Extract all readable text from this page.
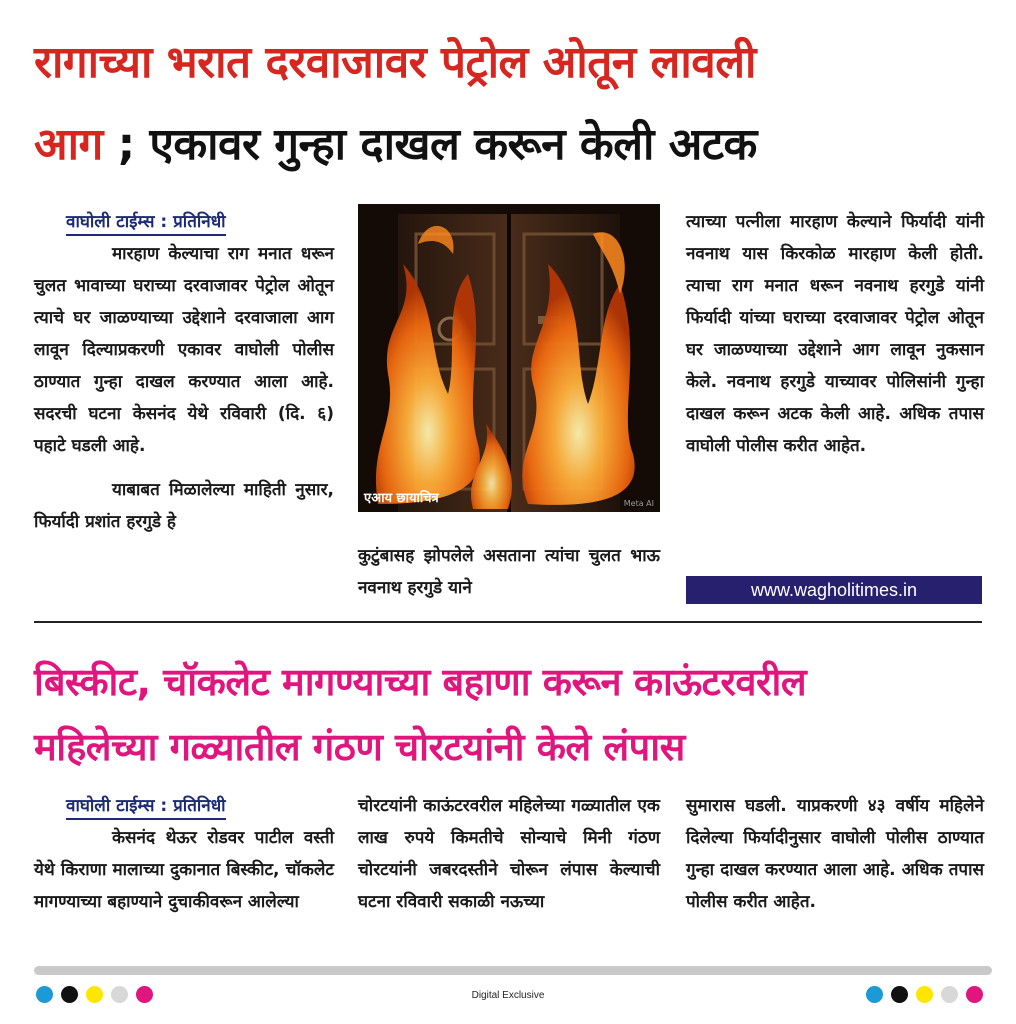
रागाच्या भरात दरवाजावर पेट्रोल ओतून लावली
आग ; एकावर गुन्हा दाखल करून केली अटक
वाघोली टाईम्स : प्रतिनिधी

मारहाण केल्याचा राग मनात धरून चुलत भावाच्या घराच्या दरवाजावर पेट्रोल ओतून त्याचे घर जाळण्याच्या उद्देशाने दरवाजाला आग लावून दिल्याप्रकरणी एकावर वाघोली पोलीस ठाण्यात गुन्हा दाखल करण्यात आला आहे. सदरची घटना केसनंद येथे रविवारी (दि. ६) पहाटे घडली आहे.

याबाबत मिळालेल्या माहिती नुसार, फिर्यादी प्रशांत हरगुडे हे

एआय छायाचित्र	Meta AI

कुटुंबासह झोपलेले असताना त्यांचा चुलत भाऊ नवनाथ हरगुडे याने

त्याच्या पत्नीला मारहाण केल्याने फिर्यादी यांनी नवनाथ यास किरकोळ मारहाण केली होती. त्याचा राग मनात धरून नवनाथ हरगुडे यांनी फिर्यादी यांच्या घराच्या दरवाजावर पेट्रोल ओतून घर जाळण्याच्या उद्देशाने आग लावून नुकसान केले. नवनाथ हरगुडे याच्यावर पोलिसांनी गुन्हा दाखल करून अटक केली आहे. अधिक तपास वाघोली पोलीस करीत आहेत.

www.wagholitimes.in
बिस्कीट, चॉकलेट मागण्याच्या बहाणा करून काऊंटरवरील
महिलेच्या गळ्यातील गंठण चोरटयांनी केले लंपास
वाघोली टाईम्स : प्रतिनिधी

केसनंद थेऊर रोडवर पाटील वस्ती येथे किराणा मालाच्या दुकानात बिस्कीट, चॉकलेट मागण्याच्या बहाण्याने दुचाकीवरून आलेल्या

चोरटयांनी काऊंटरवरील महिलेच्या गळ्यातील एक लाख रुपये किमतीचे सोन्याचे मिनी गंठण चोरटयांनी जबरदस्तीने चोरून लंपास केल्याची घटना रविवारी सकाळी नऊच्या

सुमारास घडली. याप्रकरणी ४३ वर्षीय महिलेने दिलेल्या फिर्यादीनुसार वाघोली पोलीस ठाण्यात गुन्हा दाखल करण्यात आला आहे. अधिक तपास पोलीस करीत आहेत.

Digital Exclusive
